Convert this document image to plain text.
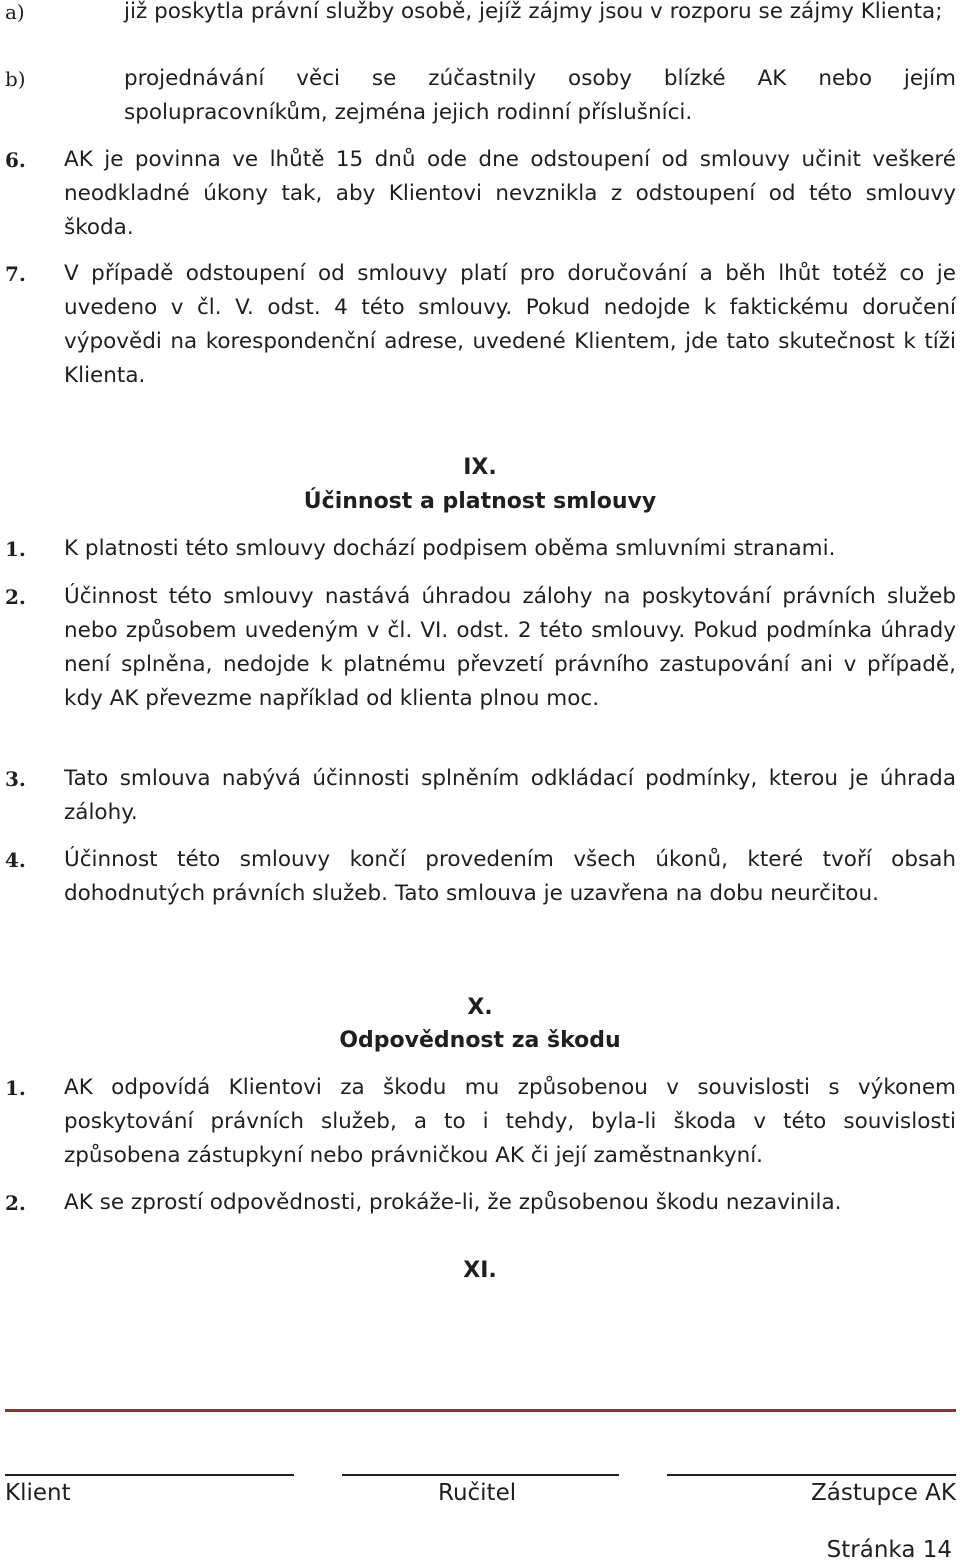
a)	již poskytla právní služby osobě, jejíž zájmy jsou v rozporu se zájmy Klienta;
b)	projednávání věci se zúčastnily osoby blízké AK nebo jejím spolupracovníkům, zejména jejich rodinní příslušníci.
6. AK je povinna ve lhůtě 15 dnů ode dne odstoupení od smlouvy učinit veškeré neodkladné úkony tak, aby Klientovi nevznikla z odstoupení od této smlouvy škoda.
7. V případě odstoupení od smlouvy platí pro doručování a běh lhůt totéž co je uvedeno v čl. V. odst. 4 této smlouvy. Pokud nedojde k faktickému doručení výpovědi na korespondenční adrese, uvedené Klientem, jde tato skutečnost k tíži Klienta.
IX.
Účinnost a platnost smlouvy
1. K platnosti této smlouvy dochází podpisem oběma smluvními stranami.
2. Účinnost této smlouvy nastává úhradou zálohy na poskytování právních služeb nebo způsobem uvedeným v čl. VI. odst. 2 této smlouvy. Pokud podmínka úhrady není splněna, nedojde k platnému převzetí právního zastupování ani v případě, kdy AK převezme například od klienta plnou moc.
3. Tato smlouva nabývá účinnosti splněním odkládací podmínky, kterou je úhrada zálohy.
4. Účinnost této smlouvy končí provedením všech úkonů, které tvoří obsah dohodnutých právních služeb. Tato smlouva je uzavřena na dobu neurčitou.
X.
Odpovědnost za škodu
1. AK odpovídá Klientovi za škodu mu způsobenou v souvislosti s výkonem poskytování právních služeb, a to i tehdy, byla-li škoda v této souvislosti způsobena zástupkyní nebo právničkou AK či její zaměstnankyní.
2. AK se zprostí odpovědnosti, prokáže-li, že způsobenou škodu nezavinila.
XI.
Klient	Ručitel	Zástupce AK
Stránka 14
